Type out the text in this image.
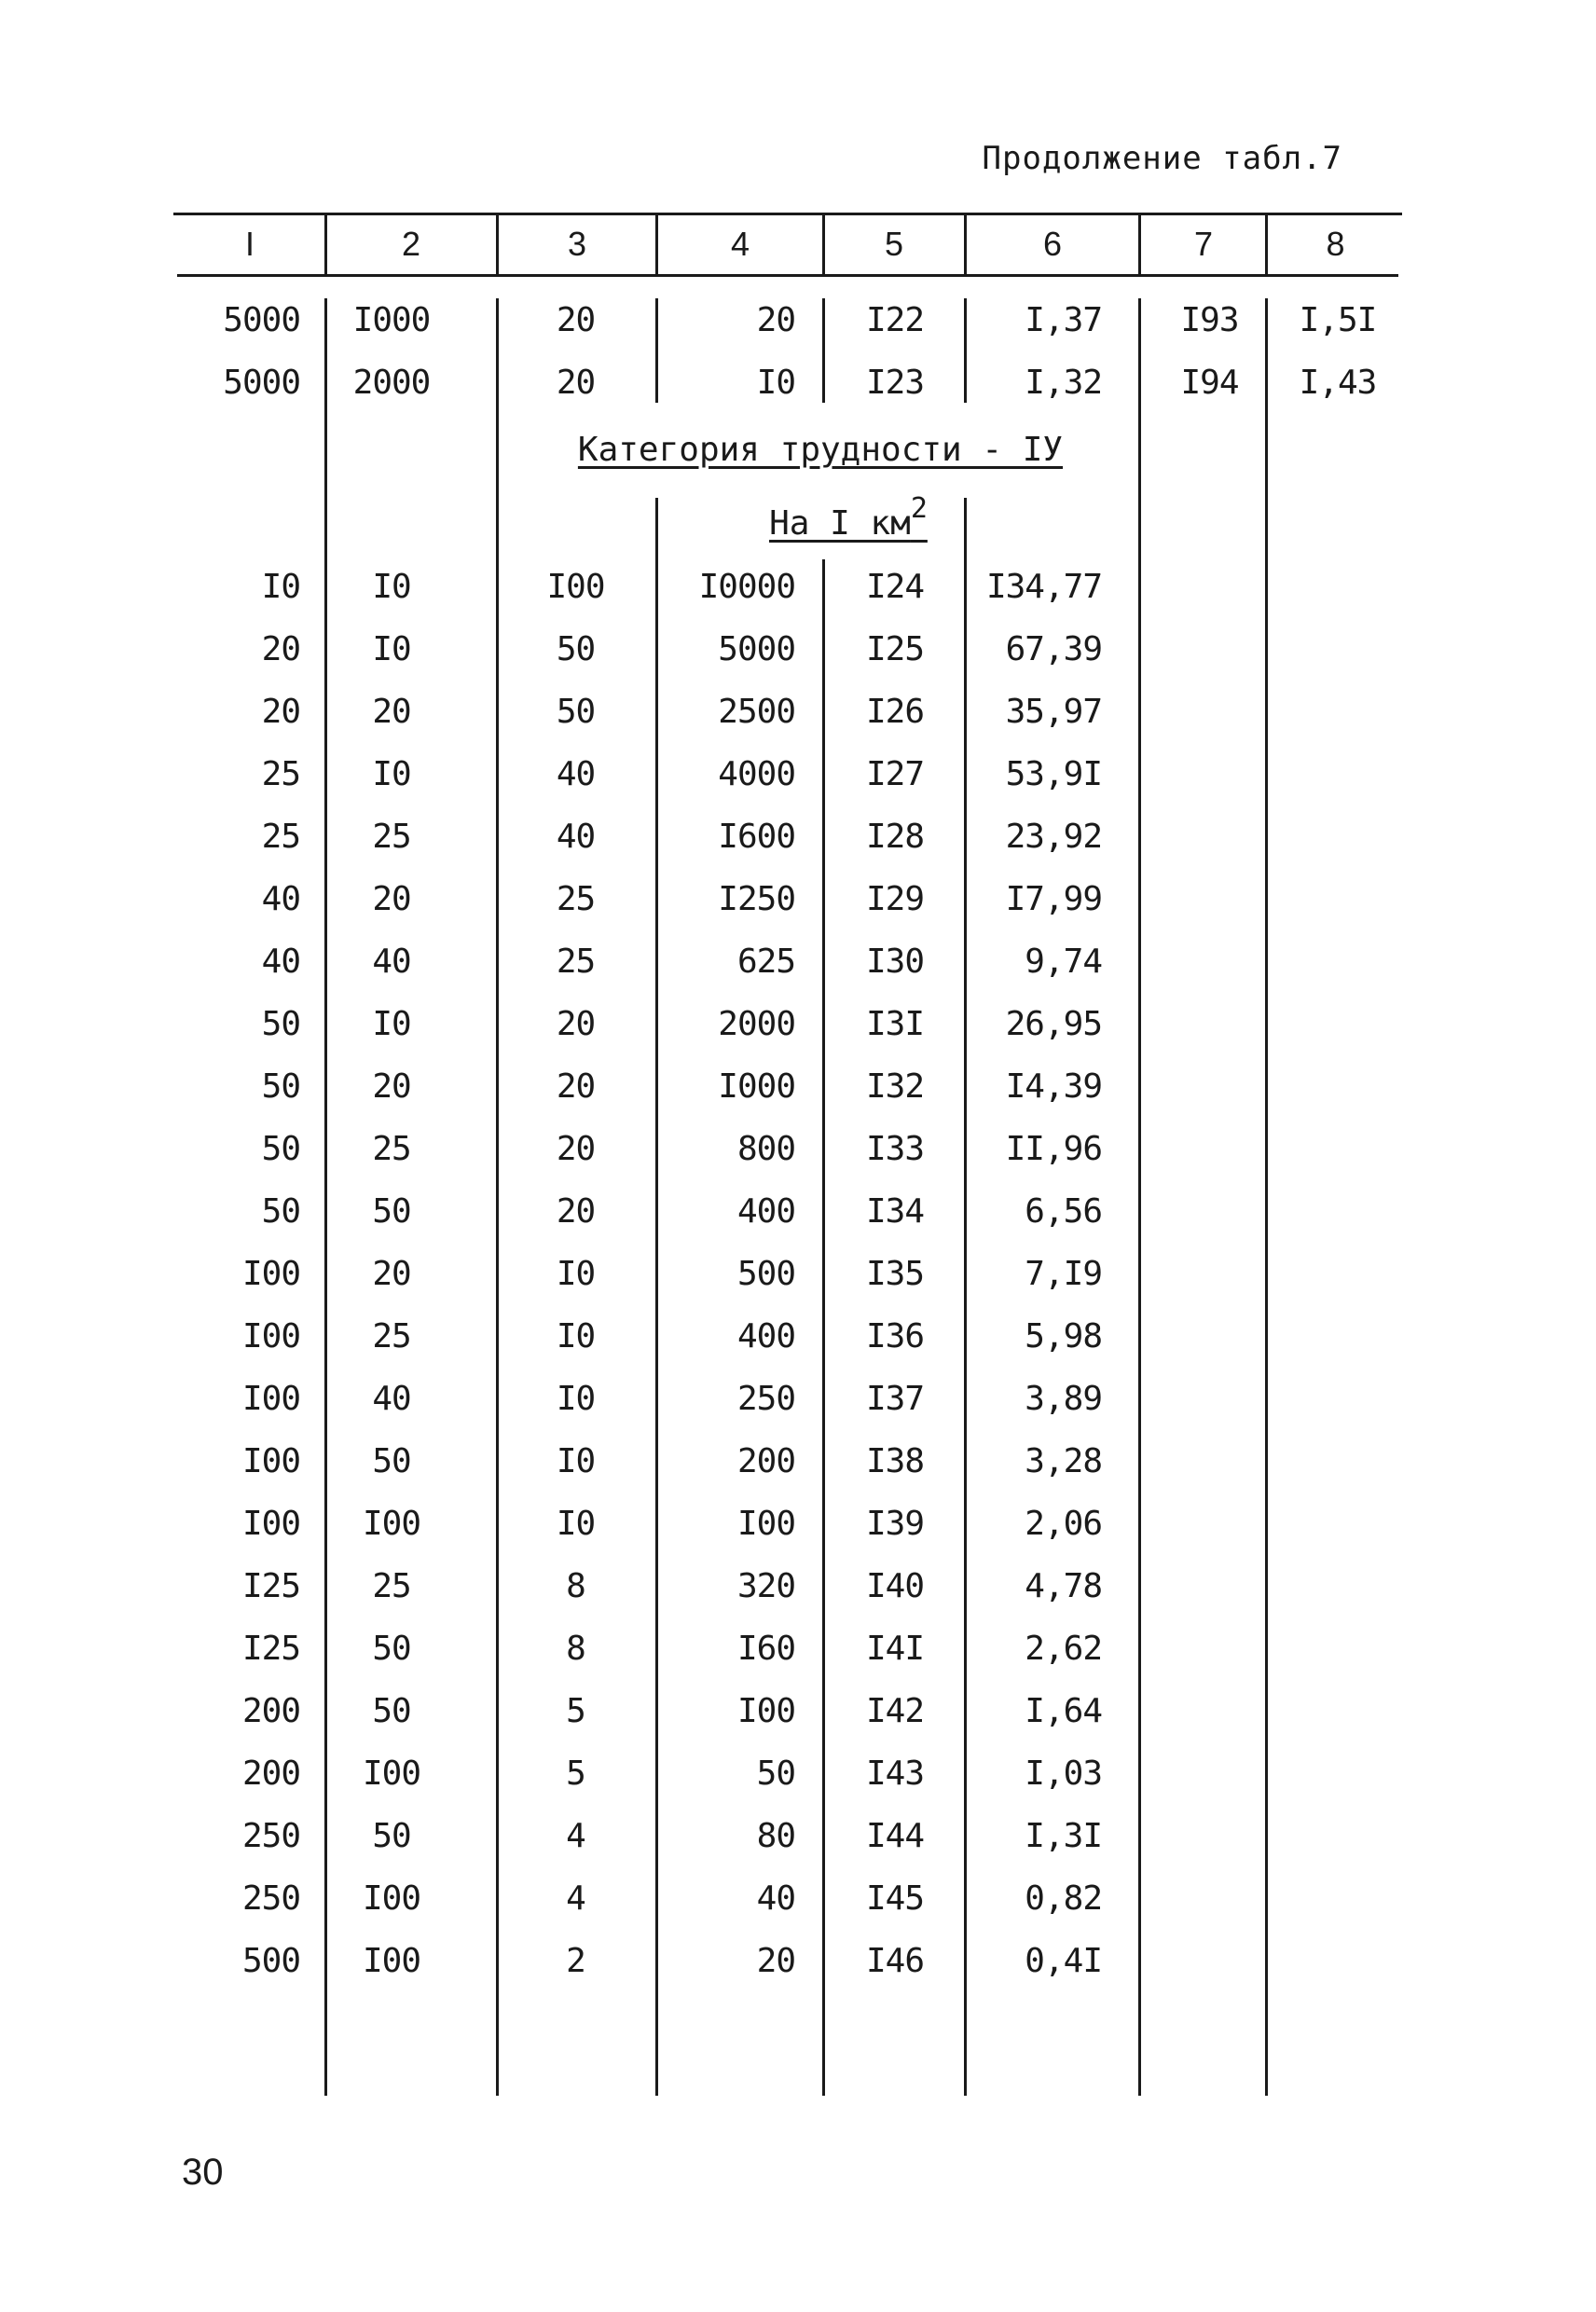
Продолжение табл.7
I	2	3	4	5	6	7	8
5000	I000	20	20	I22	I,37	I93	I,5I
5000	2000	20	I0	I23	I,32	I94	I,43
Категория трудности - IУ
На I $км^2$
I0	I0	I00	I0000	I24	I34,77
20	I0	50	5000	I25	67,39
20	20	50	2500	I26	35,97
25	I0	40	4000	I27	53,9I
25	25	40	I600	I28	23,92
40	20	25	I250	I29	I7,99
40	40	25	625	I30	9,74
50	I0	20	2000	I3I	26,95
50	20	20	I000	I32	I4,39
50	25	20	800	I33	II,96
50	50	20	400	I34	6,56
I00	20	I0	500	I35	7,I9
I00	25	I0	400	I36	5,98
I00	40	I0	250	I37	3,89
I00	50	I0	200	I38	3,28
I00	I00	I0	I00	I39	2,06
I25	25	8	320	I40	4,78
I25	50	8	I60	I4I	2,62
200	50	5	I00	I42	I,64
200	I00	5	50	I43	I,03
250	50	4	80	I44	I,3I
250	I00	4	40	I45	0,82
500	I00	2	20	I46	0,4I
30
